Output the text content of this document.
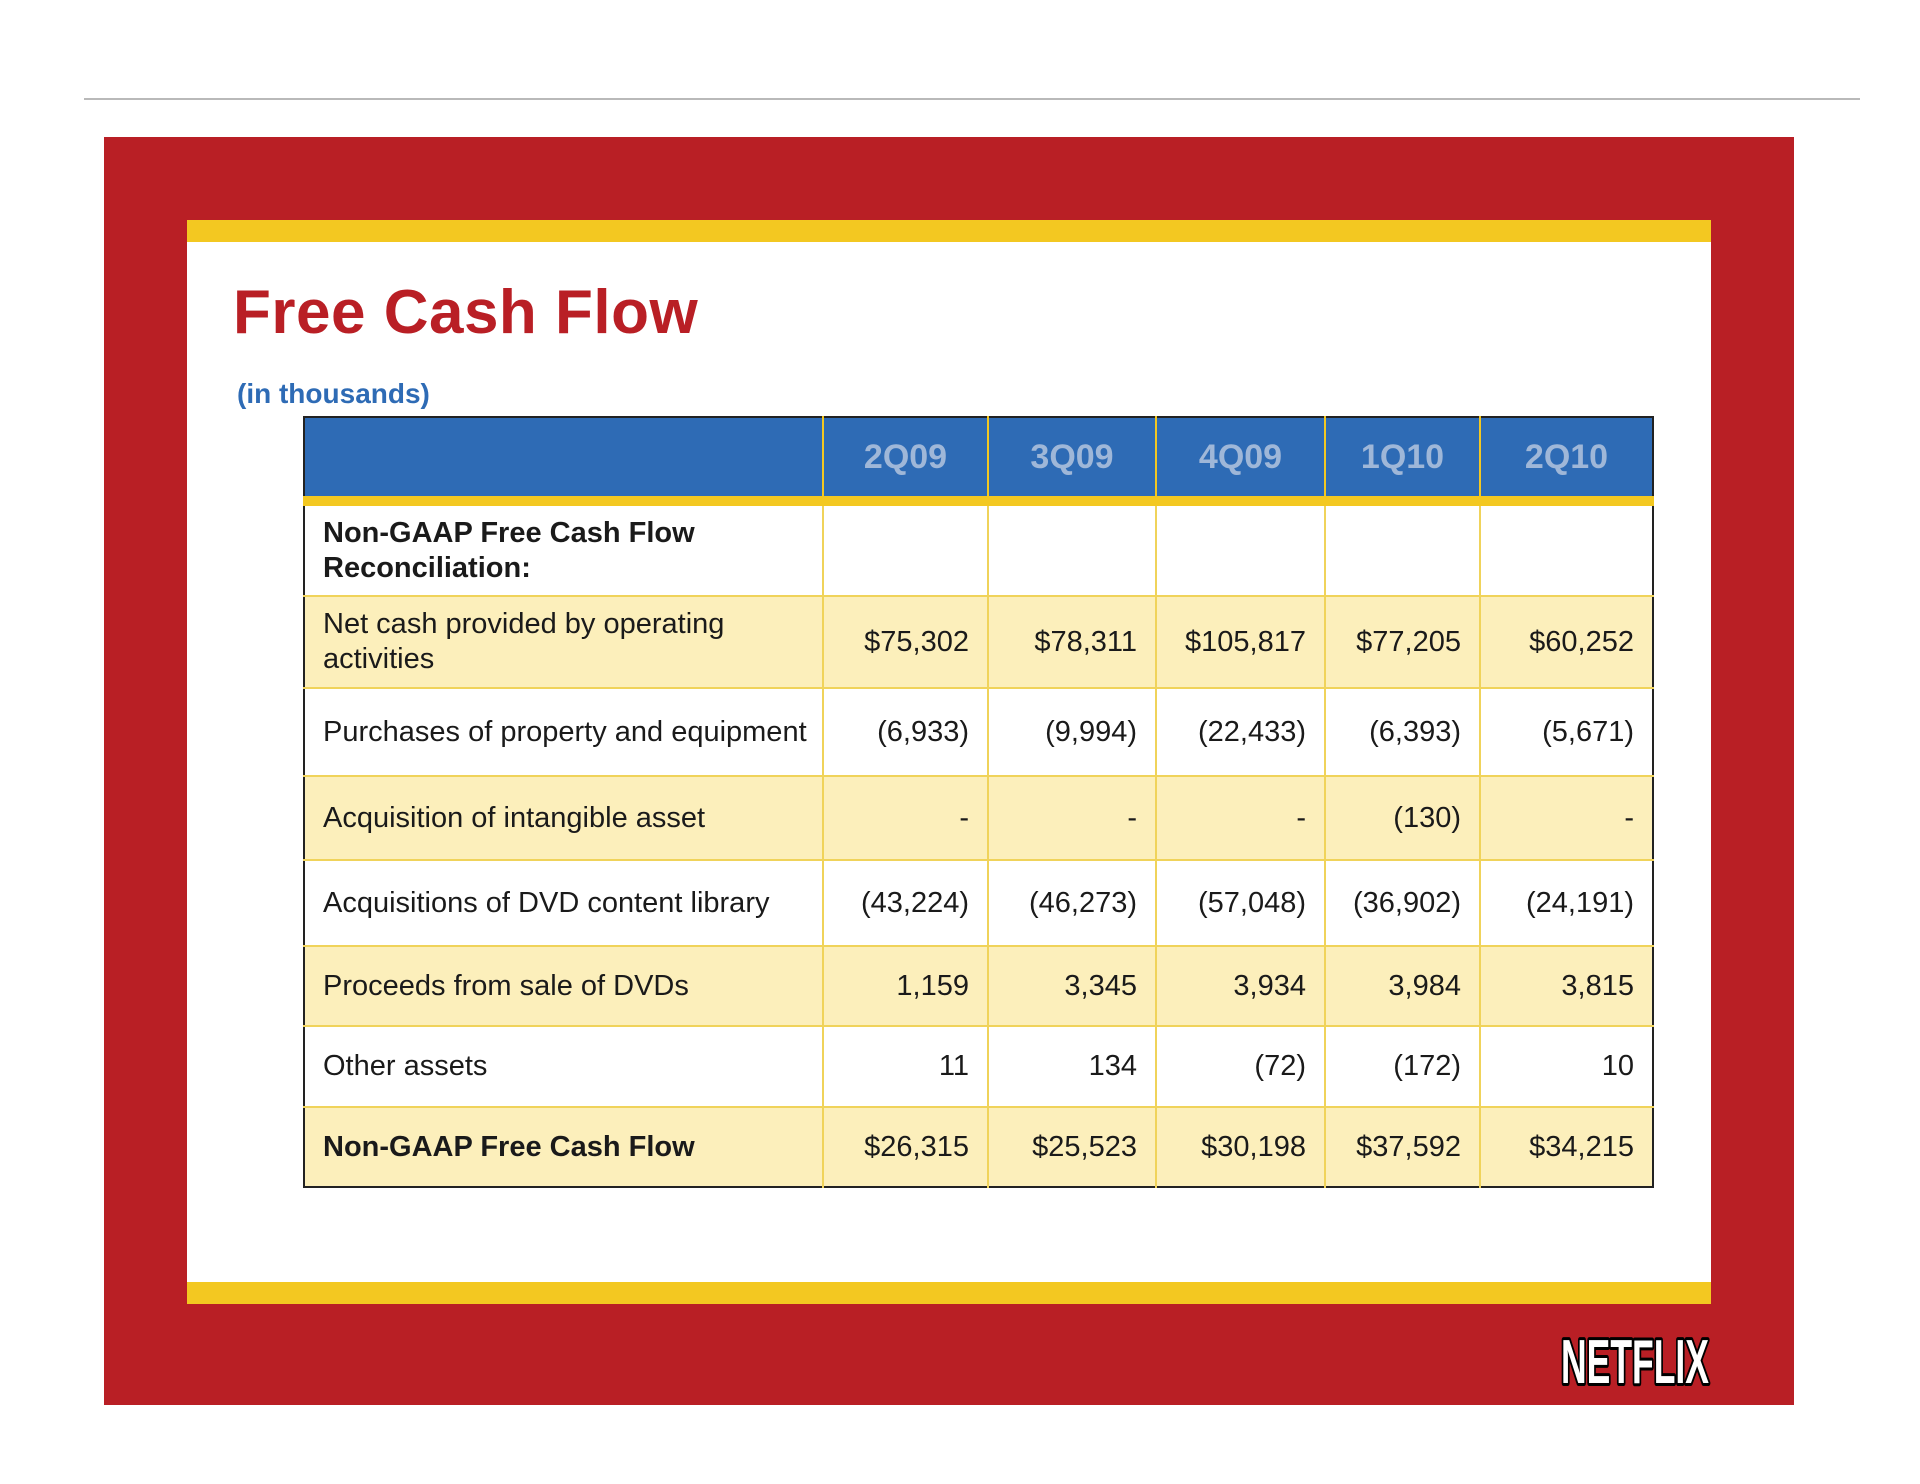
Free Cash Flow
(in thousands)
	2Q09	3Q09	4Q09	1Q10	2Q10
Non-GAAP Free Cash Flow Reconciliation:					
Net cash provided by operating activities	$75,302	$78,311	$105,817	$77,205	$60,252
Purchases of property and equipment	(6,933)	(9,994)	(22,433)	(6,393)	(5,671)
Acquisition of intangible asset	-	-	-	(130)	-
Acquisitions of DVD content library	(43,224)	(46,273)	(57,048)	(36,902)	(24,191)
Proceeds from sale of DVDs	1,159	3,345	3,934	3,984	3,815
Other assets	11	134	(72)	(172)	10
Non-GAAP Free Cash Flow	$26,315	$25,523	$30,198	$37,592	$34,215
NETFLIX
NETFLIX
